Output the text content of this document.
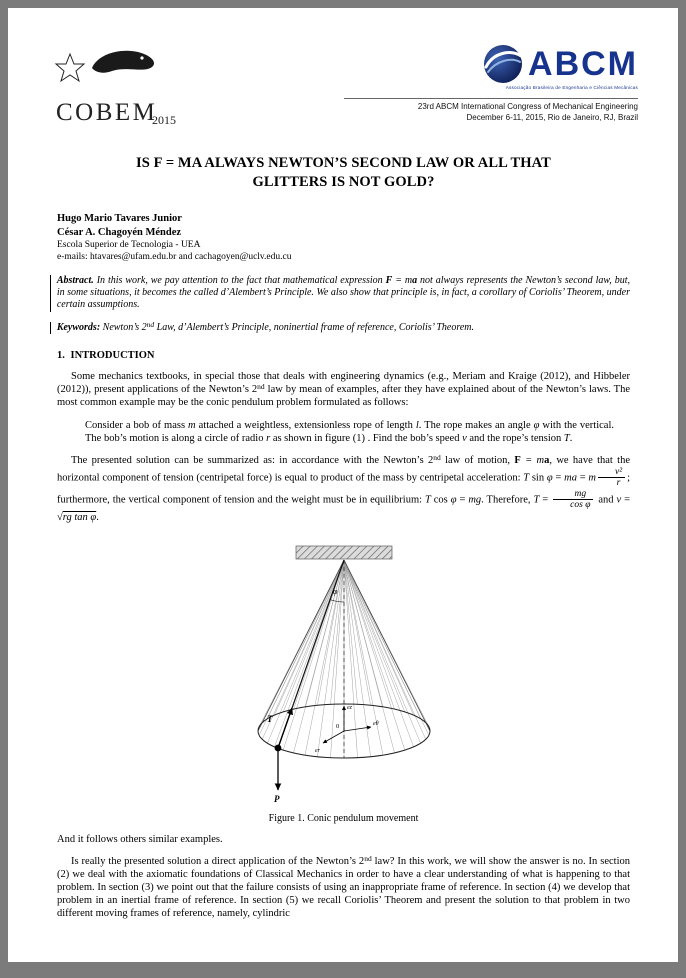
COBEM
2015
ABCM
Associação Brasileira de Engenharia e Ciências Mecânicas
23rd ABCM International Congress of Mechanical Engineering
December 6-11, 2015, Rio de Janeiro, RJ, Brazil
IS F = MA ALWAYS NEWTON’S SECOND LAW OR ALL THAT
GLITTERS IS NOT GOLD?
Hugo Mario Tavares Junior
César A. Chagoyén Méndez
Escola Superior de Tecnologia - UEA
e-mails: htavares@ufam.edu.br and cachagoyen@uclv.edu.cu
Abstract. In this work, we pay attention to the fact that mathematical expression F = ma not always represents the Newton’s second law, but, in some situations, it becomes the called d’Alembert’s Principle. We also show that principle is, in fact, a corollary of Coriolis’ Theorem, under certain assumptions.
Keywords: Newton’s 2nd Law, d’Alembert’s Principle, noninertial frame of reference, Coriolis’ Theorem.
1. INTRODUCTION

Some mechanics textbooks, in special those that deals with engineering dynamics (e.g., Meriam and Kraige (2012), and Hibbeler (2012)), present applications of the Newton’s 2nd law by mean of examples, after they have explained about of the Newton’s laws. The most common example may be the conic pendulum problem formulated as follows:

Consider a bob of mass m attached a weightless, extensionless rope of length l. The rope makes an angle φ with the vertical. The bob’s motion is along a circle of radio r as shown in figure (1) . Find the bob’s speed v and the rope’s tension T.

The presented solution can be summarized as: in accordance with the Newton’s 2nd law of motion, F = ma, we have that the horizontal component of tension (centripetal force) is equal to product of the mass by centripetal acceleration: T sin φ = ma = m $\frac{\text{v²}}{r}$ ; furthermore, the vertical component of tension and the weight must be in equilibrium: T cos φ = mg. Therefore, $T = \frac{mg}{\text{cos φ}}$ and v = √rg tan φ.

φ
ez
eθ
er
0
T
P
Figure 1. Conic pendulum movement

And it follows others similar examples.

Is really the presented solution a direct application of the Newton’s 2nd law? In this work, we will show the answer is no. In section (2) we deal with the axiomatic foundations of Classical Mechanics in order to have a clear understanding of what is happening to that problem. In section (3) we point out that the failure consists of using an inappropriate frame of reference. In section (4) we develop that problem in an inertial frame of reference. In section (5) we recall Coriolis’ Theorem and present the solution to that problem in two different moving frames of reference, namely, cylindric
